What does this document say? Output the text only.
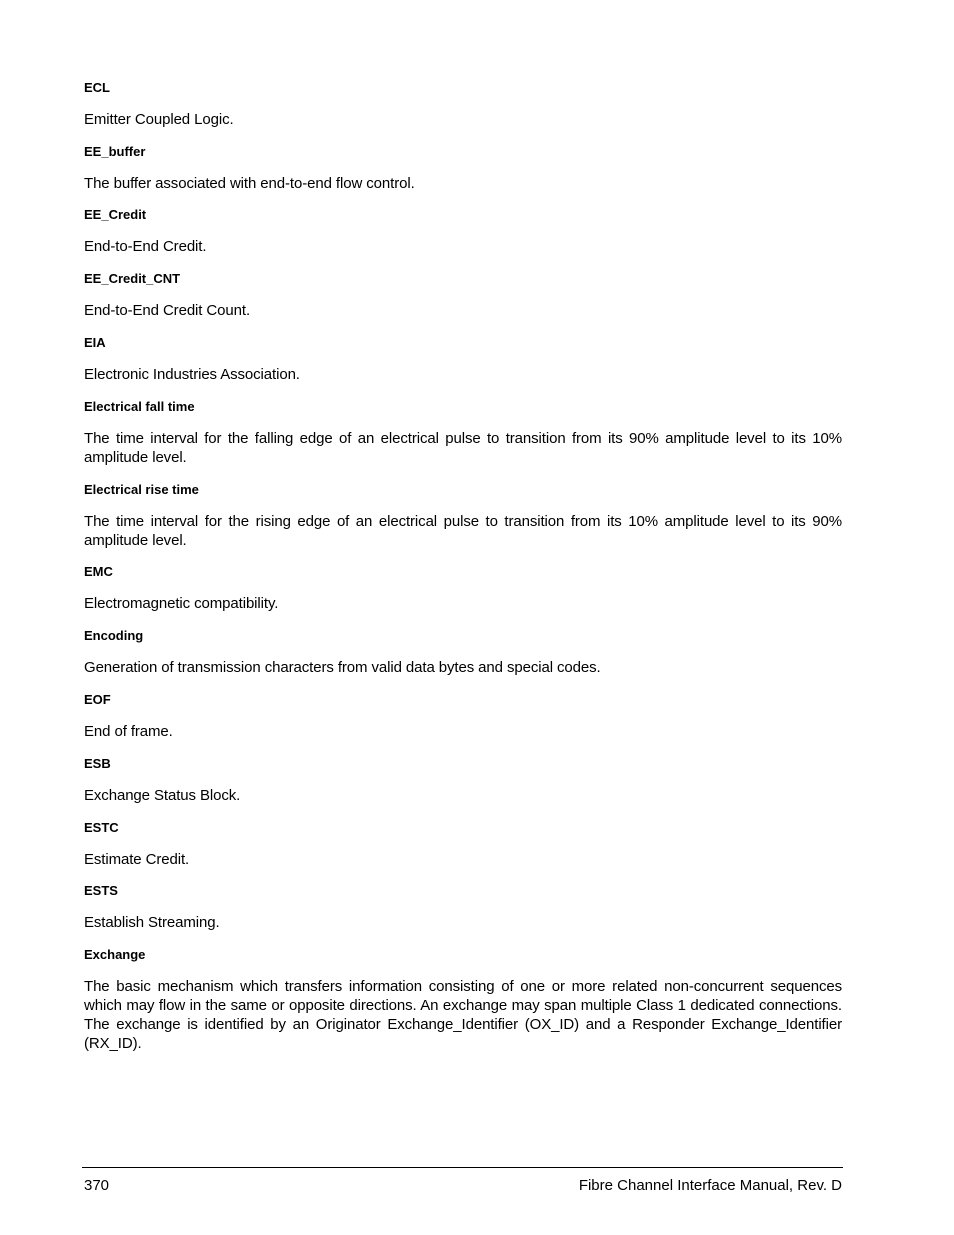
ECL

Emitter Coupled Logic.

EE_buffer

The buffer associated with end-to-end flow control.

EE_Credit

End-to-End Credit.

EE_Credit_CNT

End-to-End Credit Count.

EIA

Electronic Industries Association.

Electrical fall time

The time interval for the falling edge of an electrical pulse to transition from its 90% amplitude level to its 10% amplitude level.

Electrical rise time

The time interval for the rising edge of an electrical pulse to transition from its 10% amplitude level to its 90% amplitude level.

EMC

Electromagnetic compatibility.

Encoding

Generation of transmission characters from valid data bytes and special codes.

EOF

End of frame.

ESB

Exchange Status Block.

ESTC

Estimate Credit.

ESTS

Establish Streaming.

Exchange

The basic mechanism which transfers information consisting of one or more related non-concurrent sequences which may flow in the same or opposite directions. An exchange may span multiple Class 1 dedicated connections. The exchange is identified by an Originator Exchange_Identifier (OX_ID) and a Responder Exchange_Identifier (RX_ID).

370	Fibre Channel Interface Manual, Rev. D
